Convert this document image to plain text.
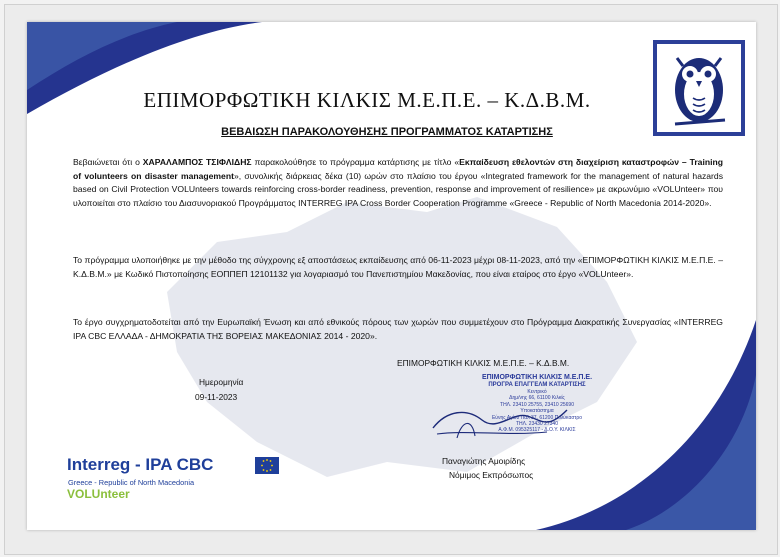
ΕΠΙΜΟΡΦΩΤΙΚΗ ΚΙΛΚΙΣ Μ.Ε.Π.Ε. – Κ.Δ.Β.Μ.
ΒΕΒΑΙΩΣΗ ΠΑΡΑΚΟΛΟΥΘΗΣΗΣ ΠΡΟΓΡΑΜΜΑΤΟΣ ΚΑΤΑΡΤΙΣΗΣ
Βεβαιώνεται ότι ο ΧΑΡΑΛΑΜΠΟΣ ΤΣΙΦΛΙΔΗΣ παρακολούθησε το πρόγραμμα κατάρτισης με τίτλο «Εκπαίδευση εθελοντών στη διαχείριση καταστροφών – Training of volunteers on disaster management», συνολικής διάρκειας δέκα (10) ωρών στο πλαίσιο του έργου «Integrated framework for the management of natural hazards based on Civil Protection VOLUnteers towards reinforcing cross-border readiness, prevention, response and improvement of resilience» με ακρωνύμιο «VOLUnteer» που υλοποιείται στο πλαίσιο του Διασυνοριακού Προγράμματος INTERREG IPA Cross Border Cooperation Programme «Greece - Republic of North Macedonia 2014-2020».
Το πρόγραμμα υλοποιήθηκε με την μέθοδο της σύγχρονης εξ αποστάσεως εκπαίδευσης από 06-11-2023 μέχρι 08-11-2023, από την «ΕΠΙΜΟΡΦΩΤΙΚΗ ΚΙΛΚΙΣ Μ.Ε.Π.Ε. – Κ.Δ.Β.Μ.» με Κωδικό Πιστοποίησης ΕΟΠΠΕΠ 12101132 για λογαριασμό του Πανεπιστημίου Μακεδονίας, που είναι εταίρος στο έργο «VOLUnteer».
Το έργο συγχρηματοδοτείται από την Ευρωπαϊκή Ένωση και από εθνικούς πόρους των χωρών που συμμετέχουν στο Πρόγραμμα Διακρατικής Συνεργασίας «INTERREG IPA CBC ΕΛΛΑΔΑ - ΔΗΜΟΚΡΑΤΙΑ ΤΗΣ ΒΟΡΕΙΑΣ ΜΑΚΕΔΟΝΙΑΣ 2014 - 2020».
Ημερομηνία
09-11-2023
ΕΠΙΜΟΡΦΩΤΙΚΗ ΚΙΛΚΙΣ Μ.Ε.Π.Ε. – Κ.Δ.Β.Μ.
ΕΠΙΜΟΡΦΩΤΙΚΗ ΚΙΛΚΙΣ Μ.Ε.Π.Ε.
ΠΡΟΓΡΑ ΕΠΑΓΓΕΛΜ ΚΑΤΑΡΤΙΣΗΣ
Κεντρικό
Δημ/νης 66, 61100 Κιλκίς
ΤΗΛ. 23410 25755, 23410 25690
Υποκατάστημα
Εύνης Αγίου Παλ 37, 61200 Πολύκαστρο
ΤΗΛ. 23430 27340
Α.Φ.Μ. 095325117 - Δ.Ο.Υ. ΚΙΛΚΙΣ
Παναγιώτης Αμοιρίδης
Νόμιμος Εκπρόσωπος
Interreg - IPA CBC
Greece - Republic of North Macedonia
VOLUnteer
